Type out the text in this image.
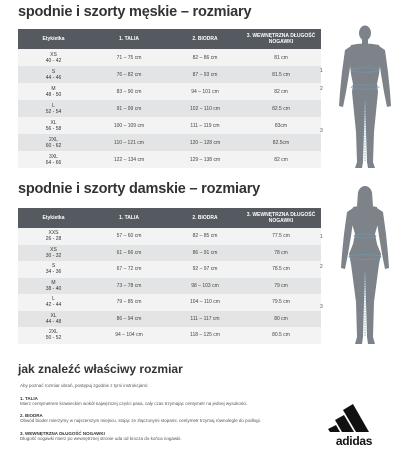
spodnie i szorty męskie – rozmiary
Etykietka	1. TALIA	2. BIODRA	3. WEWNĘTRZNA DŁUGOŚĆ NOGAWKI

XS
40 - 42	71 – 75 cm	82 – 86 cm	81 cm

S
44 - 46	76 – 82 cm	87 – 93 cm	81.5 cm

M
48 - 50	83 – 90 cm	94 – 101 cm	82 cm

L
52 - 54	91 – 99 cm	102 – 110 cm	82.5 cm

XL
56 - 58	100 – 109 cm	111 – 119 cm	83cm

2XL
60 - 62	110 – 121 cm	120 – 128 cm	82.5cm

3XL
64 - 66	122 – 134 cm	129 – 138 cm	82 cm
1
2
3
spodnie i szorty damskie – rozmiary
Etykietka	1. TALIA	2. BIODRA	3. WEWNĘTRZNA DŁUGOŚĆ NOGAWKI

XXS
26 - 28	57 – 60 cm	82 – 85 cm	77.5 cm

XS
30 - 32	61 – 66 cm	86 – 91 cm	78 cm

S
34 - 36	67 – 72 cm	92 – 97 cm	78.5 cm

M
38 - 40	73 – 78 cm	98 – 103 cm	79 cm

L
42 - 44	79 – 85 cm	104 – 110 cm	79.5 cm

XL
44 - 48	86 – 94 cm	111 – 117 cm	80 cm

2XL
50 - 52	94 – 104 cm	118 – 125 cm	80.5 cm
1
2
3
jak znaleźć właściwy rozmiar
Aby poznać rozmiar ubrań, postępuj zgodnie z tymi instrukcjami:
1. TALIA
Mierz centymetrem krawieckim wokół najwęższej części pasa, cały czas trzymając centymetr na jednej wysokości.
2. BIODRA
Obwód bioder mierzymy w najszerszym miejscu, stojąc ze złączonymi stopami, centymetr trzymaj równolegle do podłogi.
3. WEWNĘTRZNA DŁUGOŚĆ NOGAWKI
Długość nogawki mierz po wewnętrznej stronie uda od krocza do końca nogawki.	adidas
